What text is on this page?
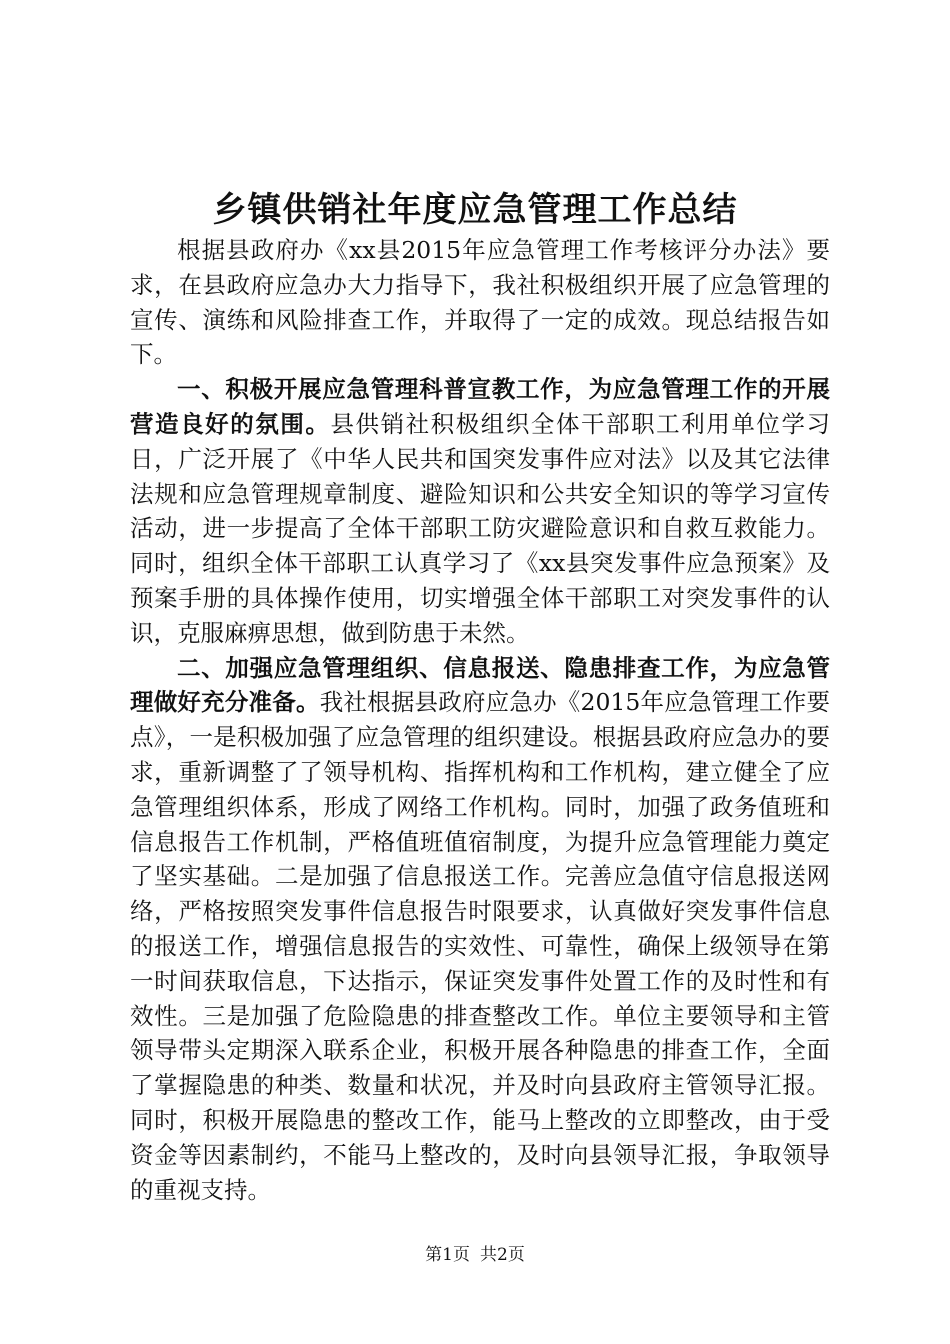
乡镇供销社年度应急管理工作总结

根据县政府办《xx县2015年应急管理工作考核评分办法》要求，在县政府应急办大力指导下，我社积极组织开展了应急管理的宣传、演练和风险排查工作，并取得了一定的成效。现总结报告如下。

一、积极开展应急管理科普宣教工作，为应急管理工作的开展营造良好的氛围。县供销社积极组织全体干部职工利用单位学习日，广泛开展了《中华人民共和国突发事件应对法》以及其它法律法规和应急管理规章制度、避险知识和公共安全知识的等学习宣传活动，进一步提高了全体干部职工防灾避险意识和自救互救能力。同时，组织全体干部职工认真学习了《xx县突发事件应急预案》及预案手册的具体操作使用，切实增强全体干部职工对突发事件的认识，克服麻痹思想，做到防患于未然。

二、加强应急管理组织、信息报送、隐患排查工作，为应急管理做好充分准备。我社根据县政府应急办《2015年应急管理工作要点》，一是积极加强了应急管理的组织建设。根据县政府应急办的要求，重新调整了了领导机构、指挥机构和工作机构，建立健全了应急管理组织体系，形成了网络工作机构。同时，加强了政务值班和信息报告工作机制，严格值班值宿制度，为提升应急管理能力奠定了坚实基础。二是加强了信息报送工作。完善应急值守信息报送网络，严格按照突发事件信息报告时限要求，认真做好突发事件信息的报送工作，增强信息报告的实效性、可靠性，确保上级领导在第一时间获取信息，下达指示，保证突发事件处置工作的及时性和有效性。三是加强了危险隐患的排查整改工作。单位主要领导和主管领导带头定期深入联系企业，积极开展各种隐患的排查工作，全面了掌握隐患的种类、数量和状况，并及时向县政府主管领导汇报。同时，积极开展隐患的整改工作，能马上整改的立即整改，由于受资金等因素制约，不能马上整改的，及时向县领导汇报，争取领导的重视支持。

第1页 共2页
